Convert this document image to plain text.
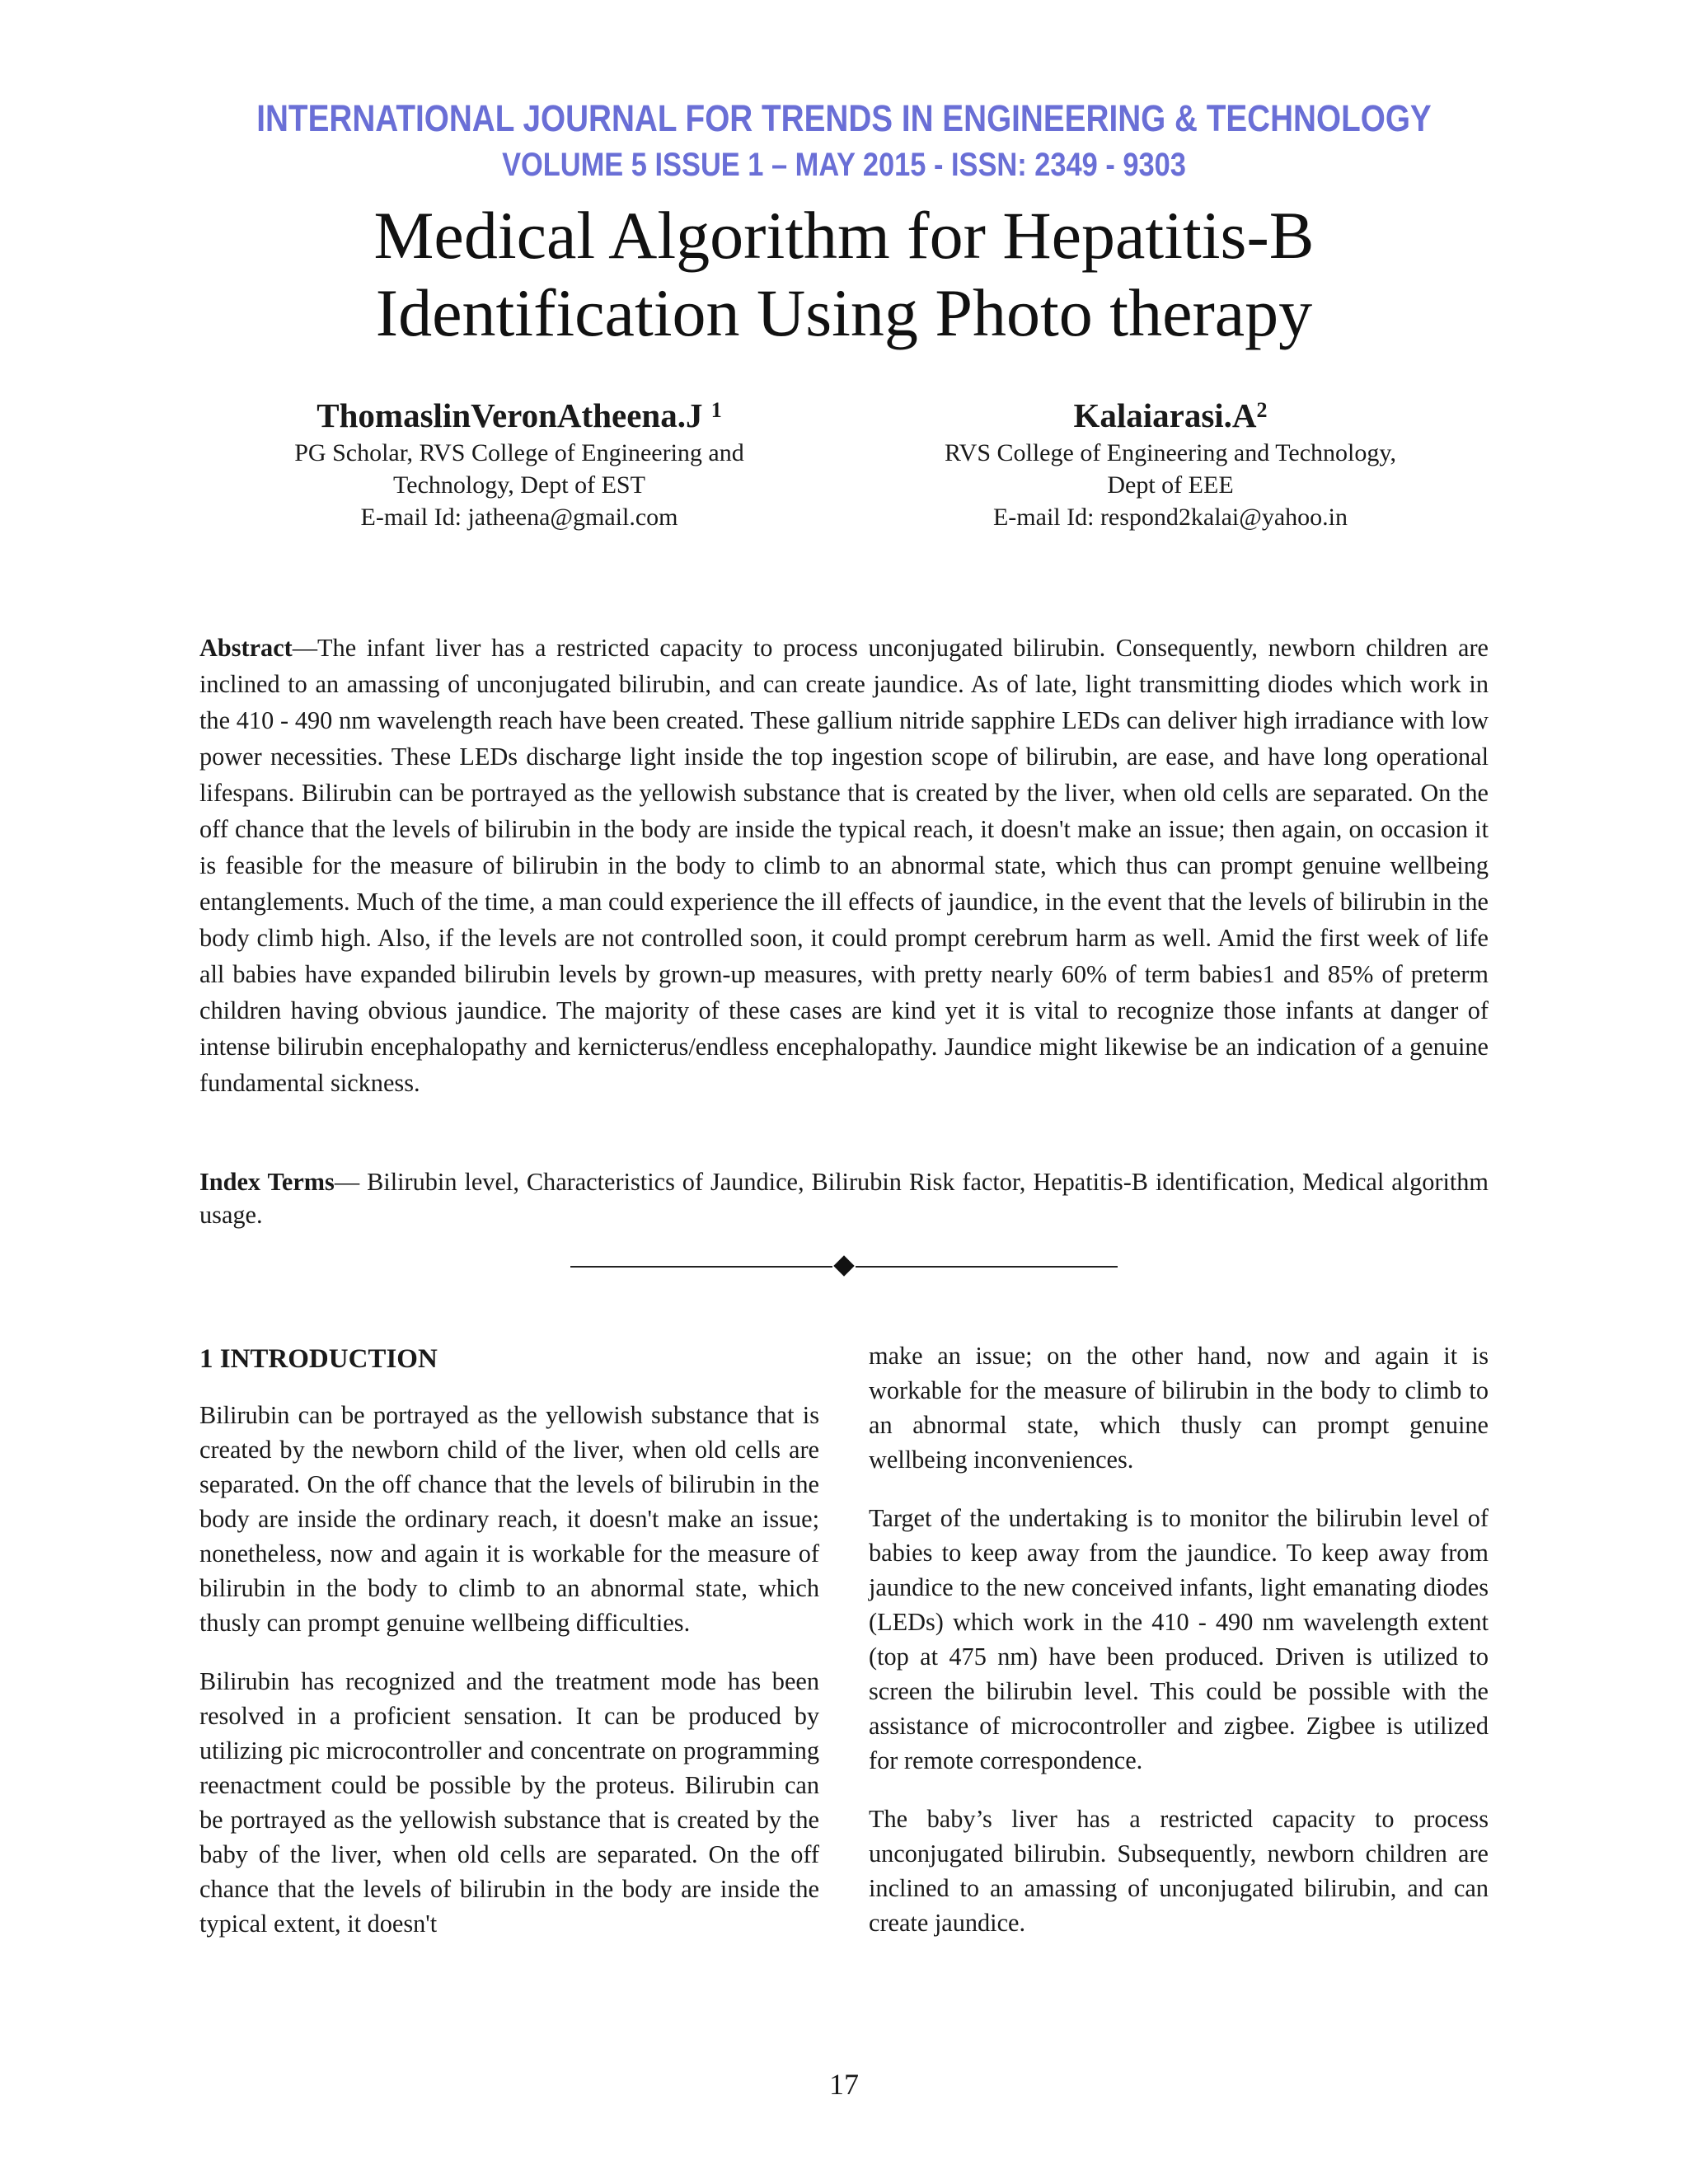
INTERNATIONAL JOURNAL FOR TRENDS IN ENGINEERING & TECHNOLOGY
VOLUME 5 ISSUE 1 – MAY 2015 - ISSN: 2349 - 9303
Medical Algorithm for Hepatitis-B
Identification Using Photo therapy
ThomaslinVeronAtheena.J $^1$
PG Scholar, RVS College of Engineering and
Technology, Dept of EST
E-mail Id: jatheena@gmail.com
$Kalaiarasi.A^2$
RVS College of Engineering and Technology,
Dept of EEE
E-mail Id: respond2kalai@yahoo.in

Abstract—The infant liver has a restricted capacity to process unconjugated bilirubin. Consequently, newborn children are inclined to an amassing of unconjugated bilirubin, and can create jaundice. As of late, light transmitting diodes which work in the 410 - 490 nm wavelength reach have been created. These gallium nitride sapphire LEDs can deliver high irradiance with low power necessities. These LEDs discharge light inside the top ingestion scope of bilirubin, are ease, and have long operational lifespans. Bilirubin can be portrayed as the yellowish substance that is created by the liver, when old cells are separated. On the off chance that the levels of bilirubin in the body are inside the typical reach, it doesn't make an issue; then again, on occasion it is feasible for the measure of bilirubin in the body to climb to an abnormal state, which thus can prompt genuine wellbeing entanglements. Much of the time, a man could experience the ill effects of jaundice, in the event that the levels of bilirubin in the body climb high. Also, if the levels are not controlled soon, it could prompt cerebrum harm as well. Amid the first week of life all babies have expanded bilirubin levels by grown-up measures, with pretty nearly 60% of term babies1 and 85% of preterm children having obvious jaundice. The majority of these cases are kind yet it is vital to recognize those infants at danger of intense bilirubin encephalopathy and kernicterus/endless encephalopathy. Jaundice might likewise be an indication of a genuine fundamental sickness.

Index Terms— Bilirubin level, Characteristics of Jaundice, Bilirubin Risk factor, Hepatitis-B identification, Medical algorithm usage.

1 INTRODUCTION

Bilirubin can be portrayed as the yellowish substance that is created by the newborn child of the liver, when old cells are separated. On the off chance that the levels of bilirubin in the body are inside the ordinary reach, it doesn't make an issue; nonetheless, now and again it is workable for the measure of bilirubin in the body to climb to an abnormal state, which thusly can prompt genuine wellbeing difficulties.

Bilirubin has recognized and the treatment mode has been resolved in a proficient sensation. It can be produced by utilizing pic microcontroller and concentrate on programming reenactment could be possible by the proteus. Bilirubin can be portrayed as the yellowish substance that is created by the baby of the liver, when old cells are separated. On the off chance that the levels of bilirubin in the body are inside the typical extent, it doesn't

make an issue; on the other hand, now and again it is workable for the measure of bilirubin in the body to climb to an abnormal state, which thusly can prompt genuine wellbeing inconveniences.

Target of the undertaking is to monitor the bilirubin level of babies to keep away from the jaundice. To keep away from jaundice to the new conceived infants, light emanating diodes (LEDs) which work in the 410 - 490 nm wavelength extent (top at 475 nm) have been produced. Driven is utilized to screen the bilirubin level. This could be possible with the assistance of microcontroller and zigbee. Zigbee is utilized for remote correspondence.

The baby’s liver has a restricted capacity to process unconjugated bilirubin. Subsequently, newborn children are inclined to an amassing of unconjugated bilirubin, and can create jaundice.

17
